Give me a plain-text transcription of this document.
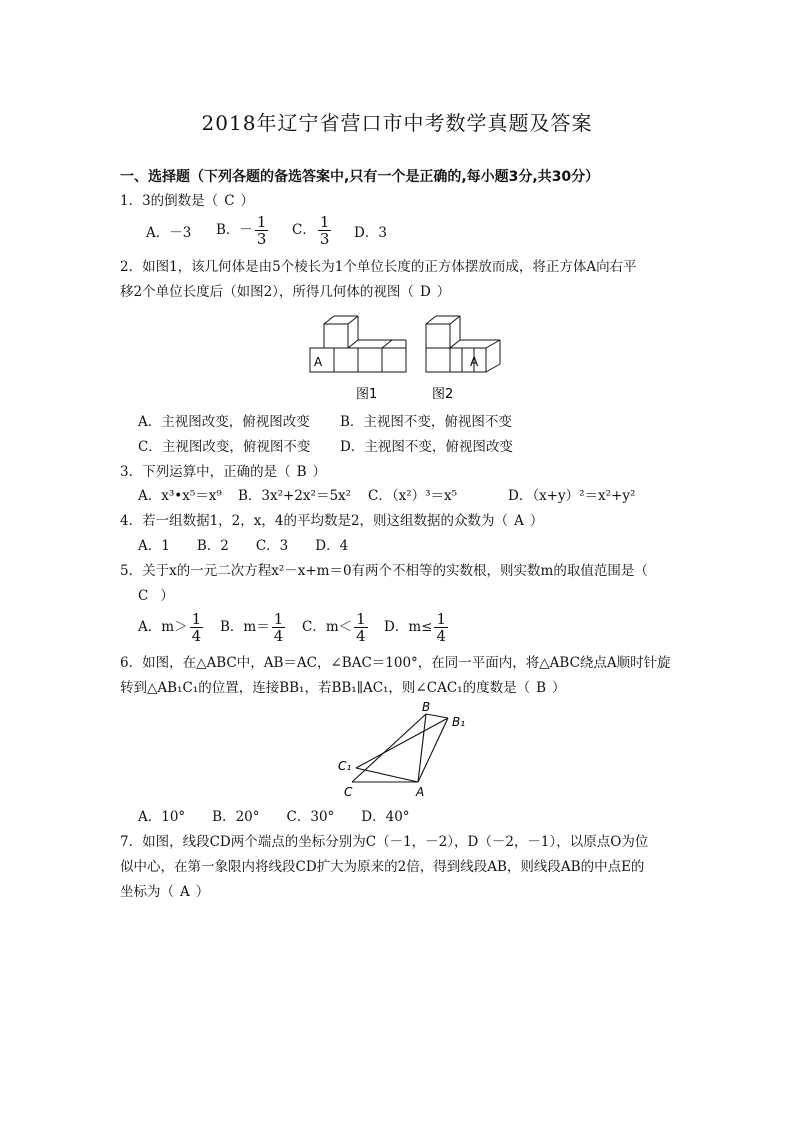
2018年辽宁省营口市中考数学真题及答案
一、选择题（下列各题的备选答案中,只有一个是正确的,每小题3分,共30分）
1．3的倒数是（ C ）
A．－3 B．－ $\frac{1}{3}$ C． $\frac{1}{3}$ D．3
2．如图1，该几何体是由5个棱长为1个单位长度的正方体摆放而成，将正方体A向右平
移2个单位长度后（如图2），所得几何体的视图（ D ）
A	A
图1	图2
A．主视图改变，俯视图改变 B．主视图不变，俯视图不变
C．主视图改变，俯视图不变 D．主视图不变，俯视图改变
3．下列运算中，正确的是（ B ）
A．x³•x⁵＝x⁹ B．3x²+2x²＝5x² C．（x²）³＝x⁵	D．（x+y）²＝x²+y²
4．若一组数据1，2，x，4的平均数是2，则这组数据的众数为（ A ）
A．1　　B．2　　C．3　　D．4
5．关于x的一元二次方程x²－x+m＝0有两个不相等的实数根，则实数m的取值范围是（
C ）
A．$m> \frac{1}{4}$ B．$m= \frac{1}{4}$ C．$m< \frac{1}{4}$ D．$m\le \frac{1}{4}$
6．如图，在△ABC中，AB＝AC，∠BAC＝100°，在同一平面内，将△ABC绕点A顺时针旋
转到△AB₁C₁的位置，连接BB₁，若BB₁∥AC₁，则∠CAC₁的度数是（ B ）
B
B₁
C₁
C	A
A．10°　　B．20°　　C．30°　　D．40°
7．如图，线段CD两个端点的坐标分别为C（－1，－2），D（－2，－1），以原点O为位
似中心，在第一象限内将线段CD扩大为原来的2倍，得到线段AB，则线段AB的中点E的
坐标为（ A ）
